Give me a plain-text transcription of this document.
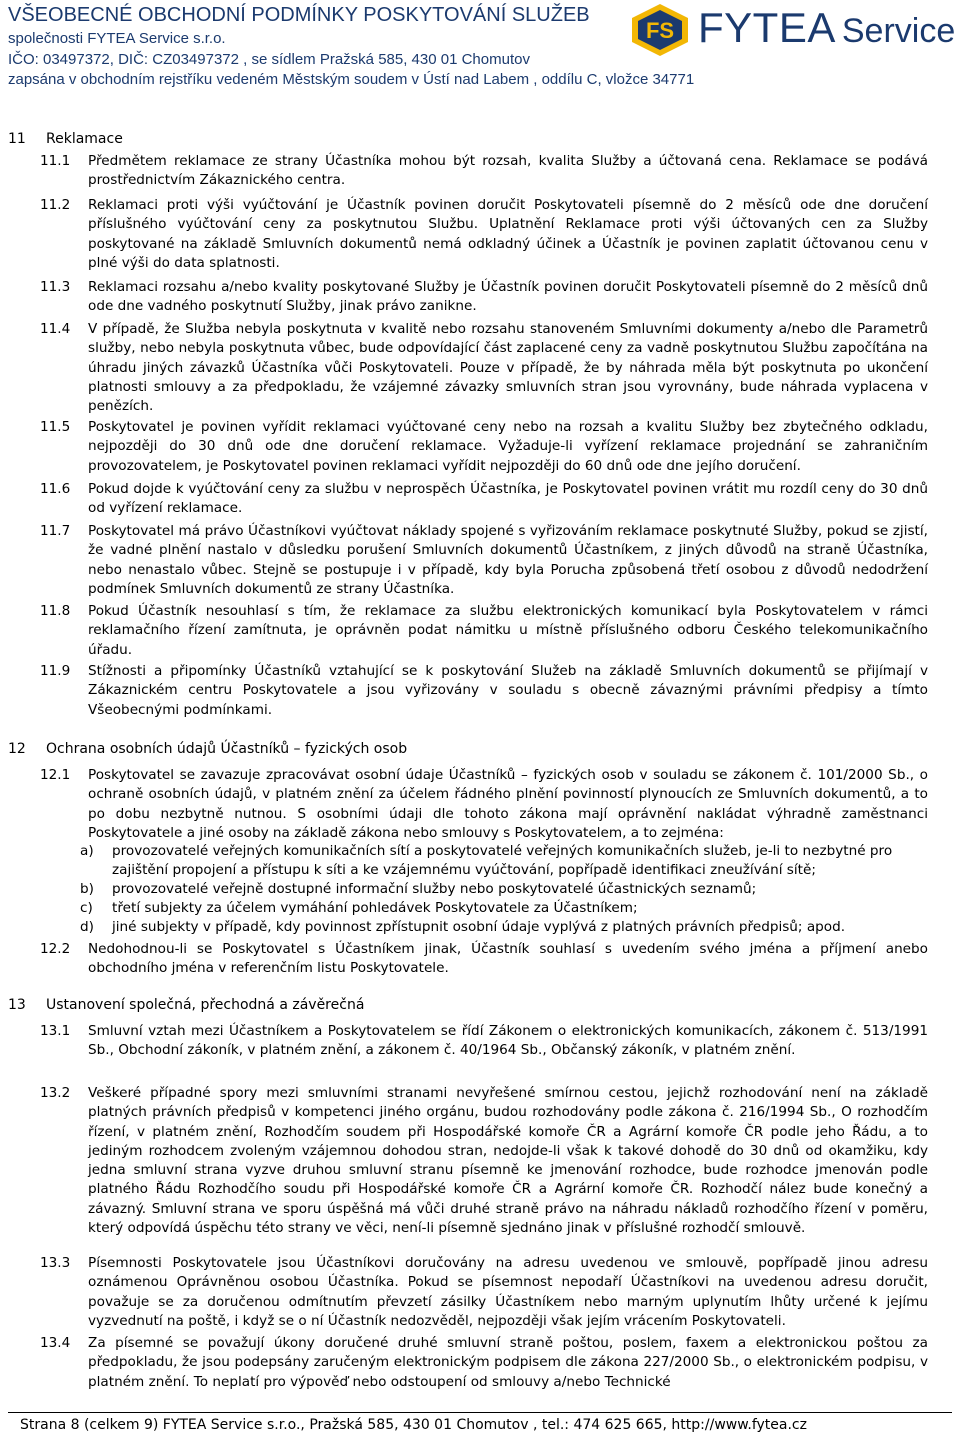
VŠEOBECNÉ OBCHODNÍ PODMÍNKY POSKYTOVÁNÍ SLUŽEB
společnosti FYTEA Service s.r.o.
IČO: 03497372, DIČ: CZ03497372 , se sídlem Pražská 585, 430 01 Chomutov
zapsána v obchodním rejstříku vedeném Městským soudem v Ústí nad Labem , oddílu C, vložce 34771
FS FYTEA Service
11 Reklamace
11.1 Předmětem reklamace ze strany Účastníka mohou být rozsah, kvalita Služby a účtovaná cena. Reklamace se podává prostřednictvím Zákaznického centra.
11.2 Reklamaci proti výši vyúčtování je Účastník povinen doručit Poskytovateli písemně do 2 měsíců ode dne doručení příslušného vyúčtování ceny za poskytnutou Službu. Uplatnění Reklamace proti výši účtovaných cen za Služby poskytované na základě Smluvních dokumentů nemá odkladný účinek a Účastník je povinen zaplatit účtovanou cenu v plné výši do data splatnosti.
11.3 Reklamaci rozsahu a/nebo kvality poskytované Služby je Účastník povinen doručit Poskytovateli písemně do 2 měsíců dnů ode dne vadného poskytnutí Služby, jinak právo zanikne.
11.4 V případě, že Služba nebyla poskytnuta v kvalitě nebo rozsahu stanoveném Smluvními dokumenty a/nebo dle Parametrů služby, nebo nebyla poskytnuta vůbec, bude odpovídající část zaplacené ceny za vadně poskytnutou Službu započítána na úhradu jiných závazků Účastníka vůči Poskytovateli. Pouze v případě, že by náhrada měla být poskytnuta po ukončení platnosti smlouvy a za předpokladu, že vzájemné závazky smluvních stran jsou vyrovnány, bude náhrada vyplacena v penězích.
11.5 Poskytovatel je povinen vyřídit reklamaci vyúčtované ceny nebo na rozsah a kvalitu Služby bez zbytečného odkladu, nejpozději do 30 dnů ode dne doručení reklamace. Vyžaduje-li vyřízení reklamace projednání se zahraničním provozovatelem, je Poskytovatel povinen reklamaci vyřídit nejpozději do 60 dnů ode dne jejího doručení.
11.6 Pokud dojde k vyúčtování ceny za službu v neprospěch Účastníka, je Poskytovatel povinen vrátit mu rozdíl ceny do 30 dnů od vyřízení reklamace.
11.7 Poskytovatel má právo Účastníkovi vyúčtovat náklady spojené s vyřizováním reklamace poskytnuté Služby, pokud se zjistí, že vadné plnění nastalo v důsledku porušení Smluvních dokumentů Účastníkem, z jiných důvodů na straně Účastníka, nebo nenastalo vůbec. Stejně se postupuje i v případě, kdy byla Porucha způsobená třetí osobou z důvodů nedodržení podmínek Smluvních dokumentů ze strany Účastníka.
11.8 Pokud Účastník nesouhlasí s tím, že reklamace za službu elektronických komunikací byla Poskytovatelem v rámci reklamačního řízení zamítnuta, je oprávněn podat námitku u místně příslušného odboru Českého telekomunikačního úřadu.
11.9 Stížnosti a připomínky Účastníků vztahující se k poskytování Služeb na základě Smluvních dokumentů se přijímají v Zákaznickém centru Poskytovatele a jsou vyřizovány v souladu s obecně závaznými právními předpisy a tímto Všeobecnými podmínkami.
12 Ochrana osobních údajů Účastníků – fyzických osob
12.1 Poskytovatel se zavazuje zpracovávat osobní údaje Účastníků – fyzických osob v souladu se zákonem č. 101/2000 Sb., o ochraně osobních údajů, v platném znění za účelem řádného plnění povinností plynoucích ze Smluvních dokumentů, a to po dobu nezbytně nutnou. S osobními údaji dle tohoto zákona mají oprávnění nakládat výhradně zaměstnanci Poskytovatele a jiné osoby na základě zákona nebo smlouvy s Poskytovatelem, a to zejména:
a) provozovatelé veřejných komunikačních sítí a poskytovatelé veřejných komunikačních služeb, je-li to nezbytné pro zajištění propojení a přístupu k síti a ke vzájemnému vyúčtování, popřípadě identifikaci zneužívání sítě;
b) provozovatelé veřejně dostupné informační služby nebo poskytovatelé účastnických seznamů;
c) třetí subjekty za účelem vymáhání pohledávek Poskytovatele za Účastníkem;
d) jiné subjekty v případě, kdy povinnost zpřístupnit osobní údaje vyplývá z platných právních předpisů; apod.
12.2 Nedohodnou-li se Poskytovatel s Účastníkem jinak, Účastník souhlasí s uvedením svého jména a příjmení anebo obchodního jména v referenčním listu Poskytovatele.
13 Ustanovení společná, přechodná a závěrečná
13.1 Smluvní vztah mezi Účastníkem a Poskytovatelem se řídí Zákonem o elektronických komunikacích, zákonem č. 513/1991 Sb., Obchodní zákoník, v platném znění, a zákonem č. 40/1964 Sb., Občanský zákoník, v platném znění.
13.2 Veškeré případné spory mezi smluvními stranami nevyřešené smírnou cestou, jejichž rozhodování není na základě platných právních předpisů v kompetenci jiného orgánu, budou rozhodovány podle zákona č. 216/1994 Sb., O rozhodčím řízení, v platném znění, Rozhodčím soudem při Hospodářské komoře ČR a Agrární komoře ČR podle jeho Řádu, a to jediným rozhodcem zvoleným vzájemnou dohodou stran, nedojde-li však k takové dohodě do 30 dnů od okamžiku, kdy jedna smluvní strana vyzve druhou smluvní stranu písemně ke jmenování rozhodce, bude rozhodce jmenován podle platného Řádu Rozhodčího soudu při Hospodářské komoře ČR a Agrární komoře ČR. Rozhodčí nález bude konečný a závazný. Smluvní strana ve sporu úspěšná má vůči druhé straně právo na náhradu nákladů rozhodčího řízení v poměru, který odpovídá úspěchu této strany ve věci, není-li písemně sjednáno jinak v příslušné rozhodčí smlouvě.
13.3 Písemnosti Poskytovatele jsou Účastníkovi doručovány na adresu uvedenou ve smlouvě, popřípadě jinou adresu oznámenou Oprávněnou osobou Účastníka. Pokud se písemnost nepodaří Účastníkovi na uvedenou adresu doručit, považuje se za doručenou odmítnutím převzetí zásilky Účastníkem nebo marným uplynutím lhůty určené k jejímu vyzvednutí na poště, i když se o ní Účastník nedozvěděl, nejpozději však jejím vrácením Poskytovateli.
13.4 Za písemné se považují úkony doručené druhé smluvní straně poštou, poslem, faxem a elektronickou poštou za předpokladu, že jsou podepsány zaručeným elektronickým podpisem dle zákona 227/2000 Sb., o elektronickém podpisu, v platném znění. To neplatí pro výpověď nebo odstoupení od smlouvy a/nebo Technické
Strana 8 (celkem 9) FYTEA Service s.r.o., Pražská 585, 430 01 Chomutov , tel.: 474 625 665, http://www.fytea.cz
